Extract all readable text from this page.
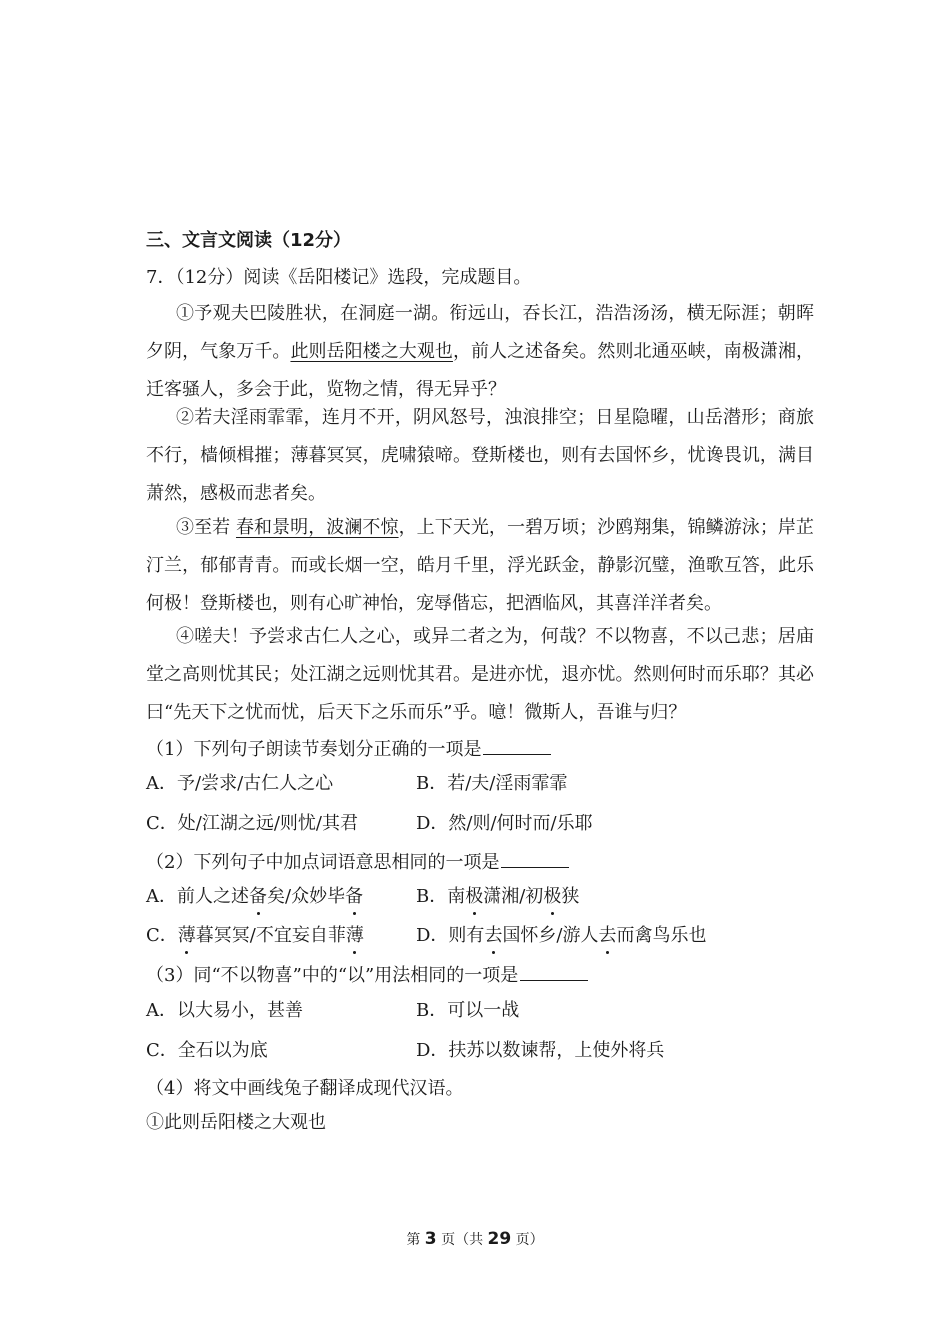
三、文言文阅读（12分）
7．（12分）阅读《岳阳楼记》选段，完成题目。
①予观夫巴陵胜状，在洞庭一湖。衔远山，吞长江，浩浩汤汤，横无际涯；朝晖夕阴，气象万千。此则岳阳楼之大观也，前人之述备矣。然则北通巫峡，南极潇湘，迁客骚人，多会于此，览物之情，得无异乎？
②若夫淫雨霏霏，连月不开，阴风怒号，浊浪排空；日星隐曜，山岳潜形；商旅不行，樯倾楫摧；薄暮冥冥，虎啸猿啼。登斯楼也，则有去国怀乡，忧谗畏讥，满目萧然，感极而悲者矣。
③至若 春和景明，波澜不惊，上下天光，一碧万顷；沙鸥翔集，锦鳞游泳；岸芷汀兰，郁郁青青。而或长烟一空，皓月千里，浮光跃金，静影沉璧，渔歌互答，此乐何极！登斯楼也，则有心旷神怡，宠辱偕忘，把酒临风，其喜洋洋者矣。
④嗟夫！予尝求古仁人之心，或异二者之为，何哉？不以物喜，不以己悲；居庙堂之高则忧其民；处江湖之远则忧其君。是进亦忧，退亦忧。然则何时而乐耶？其必曰“先天下之忧而忧，后天下之乐而乐”乎。噫！微斯人，吾谁与归？
（1）下列句子朗读节奏划分正确的一项是
A．予/尝求/古仁人之心	B．若/夫/淫雨霏霏
C．处/江湖之远/则忧/其君	D．然/则/何时而/乐耶
（2）下列句子中加点词语意思相同的一项是
A．前人之述备矣/众妙毕备	B．南极潇湘/初极狭
C．薄暮冥冥/不宜妄自菲薄	D．则有去国怀乡/游人去而禽鸟乐也
（3）同“不以物喜”中的“以”用法相同的一项是
A．以大易小，甚善	B．可以一战
C．全石以为底	D．扶苏以数谏帮，上使外将兵
（4）将文中画线兔子翻译成现代汉语。
①此则岳阳楼之大观也
第 3 页（共 29 页）
